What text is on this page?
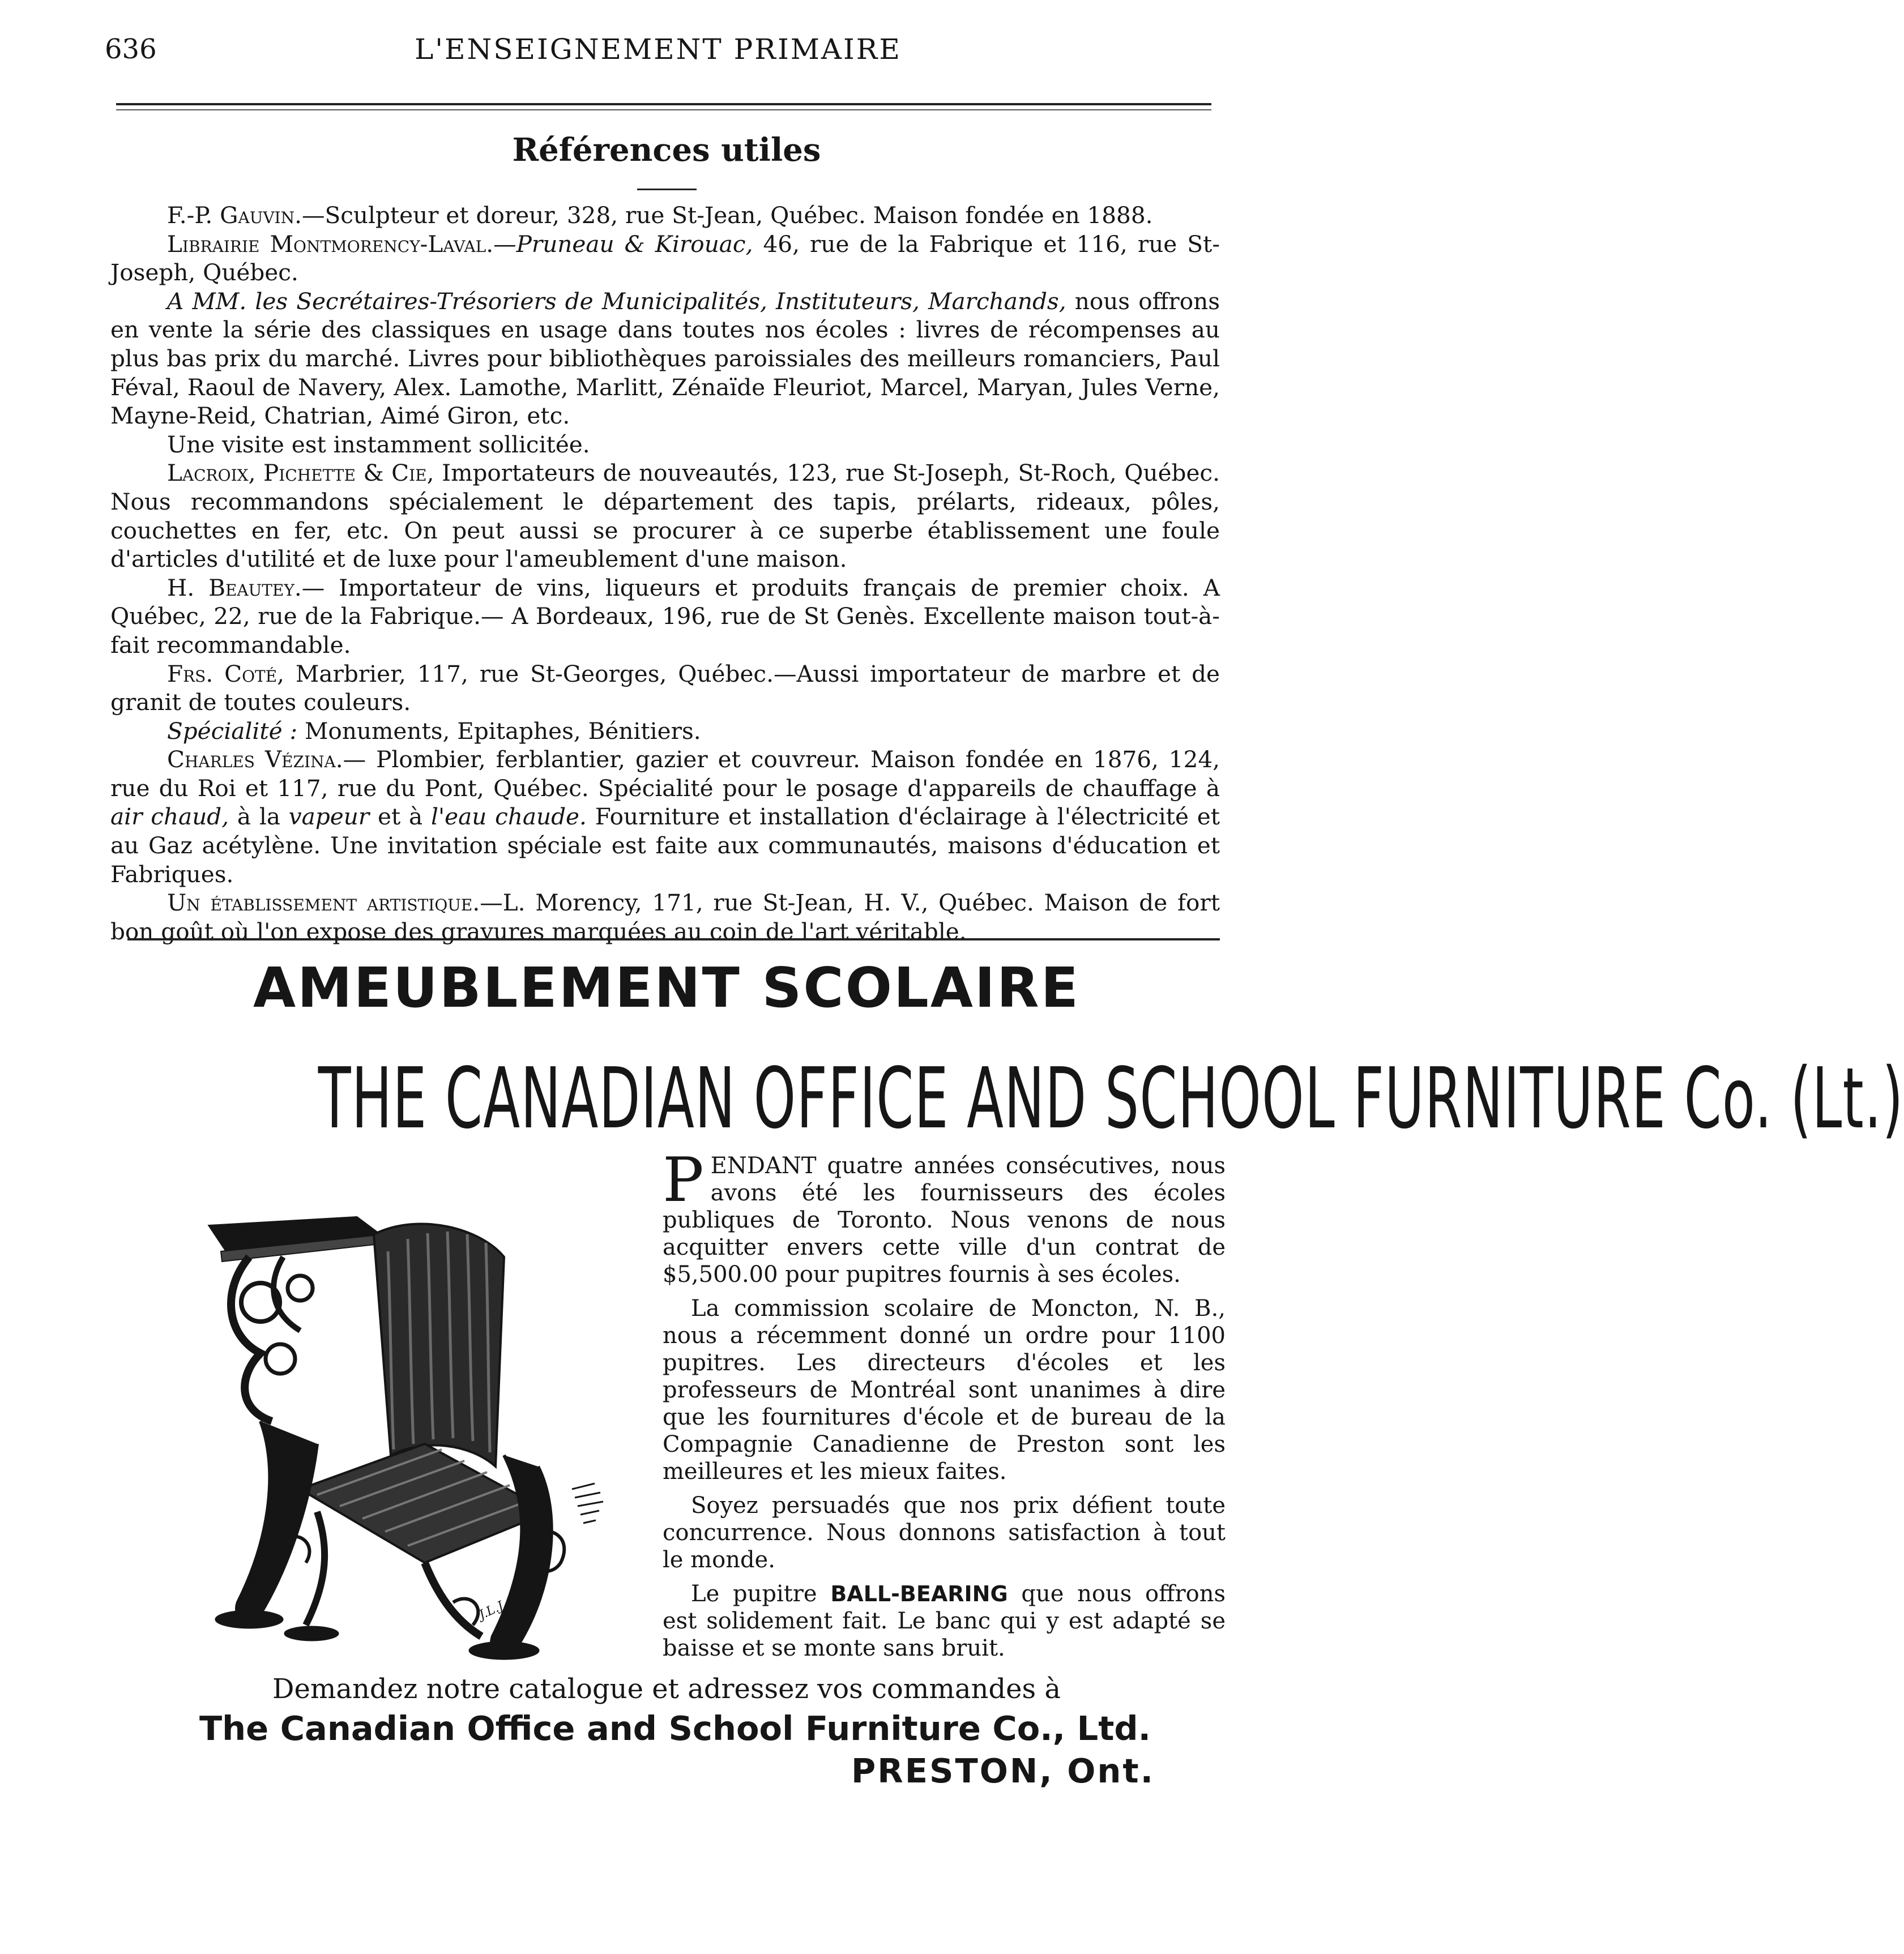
636	L'ENSEIGNEMENT PRIMAIRE
Références utiles

F.-P. Gauvin.—Sculpteur et doreur, 328, rue St-Jean, Québec. Maison fondée en 1888.

Librairie Montmorency-Laval.—Pruneau & Kirouac, 46, rue de la Fabrique et 116, rue St-Joseph, Québec.

A MM. les Secrétaires-Trésoriers de Municipalités, Instituteurs, Marchands, nous offrons en vente la série des classiques en usage dans toutes nos écoles : livres de récompenses au plus bas prix du marché. Livres pour bibliothèques paroissiales des meilleurs romanciers, Paul Féval, Raoul de Navery, Alex. Lamothe, Marlitt, Zénaïde Fleuriot, Marcel, Maryan, Jules Verne, Mayne-Reid, Chatrian, Aimé Giron, etc.

Une visite est instamment sollicitée.

Lacroix, Pichette & Cie, Importateurs de nouveautés, 123, rue St-Joseph, St-Roch, Québec. Nous recommandons spécialement le département des tapis, prélarts, rideaux, pôles, couchettes en fer, etc. On peut aussi se procurer à ce superbe établissement une foule d'articles d'utilité et de luxe pour l'ameublement d'une maison.

H. Beautey.— Importateur de vins, liqueurs et produits français de premier choix. A Québec, 22, rue de la Fabrique.— A Bordeaux, 196, rue de St Genès. Excellente maison tout-à-fait recommandable.

Frs. Coté, Marbrier, 117, rue St-Georges, Québec.—Aussi importateur de marbre et de granit de toutes couleurs.

Spécialité : Monuments, Epitaphes, Bénitiers.

Charles Vézina.— Plombier, ferblantier, gazier et couvreur. Maison fondée en 1876, 124, rue du Roi et 117, rue du Pont, Québec. Spécialité pour le posage d'appareils de chauffage à air chaud, à la vapeur et à l'eau chaude. Fourniture et installation d'éclairage à l'électricité et au Gaz acétylène. Une invitation spéciale est faite aux communautés, maisons d'éducation et Fabriques.

Un établissement artistique.—L. Morency, 171, rue St-Jean, H. V., Québec. Maison de fort bon goût où l'on expose des gravures marquées au coin de l'art véritable.

AMEUBLEMENT SCOLAIRE
THE CANADIAN OFFICE AND SCHOOL FURNITURE Co. (Lt.)
J.L.J.

PENDANT quatre années consécutives, nous avons été les fournisseurs des écoles publiques de Toronto. Nous venons de nous acquitter envers cette ville d'un contrat de $5,500.00 pour pupitres fournis à ses écoles.

La commission scolaire de Moncton, N. B., nous a récemment donné un ordre pour 1100 pupitres. Les directeurs d'écoles et les professeurs de Montréal sont unanimes à dire que les fournitures d'école et de bureau de la Compagnie Canadienne de Preston sont les meilleures et les mieux faites.

Soyez persuadés que nos prix défient toute concurrence. Nous donnons satisfaction à tout le monde.

Le pupitre BALL-BEARING que nous offrons est solidement fait. Le banc qui y est adapté se baisse et se monte sans bruit.

Demandez notre catalogue et adressez vos commandes à
The Canadian Office and School Furniture Co., Ltd.
PRESTON, Ont.
